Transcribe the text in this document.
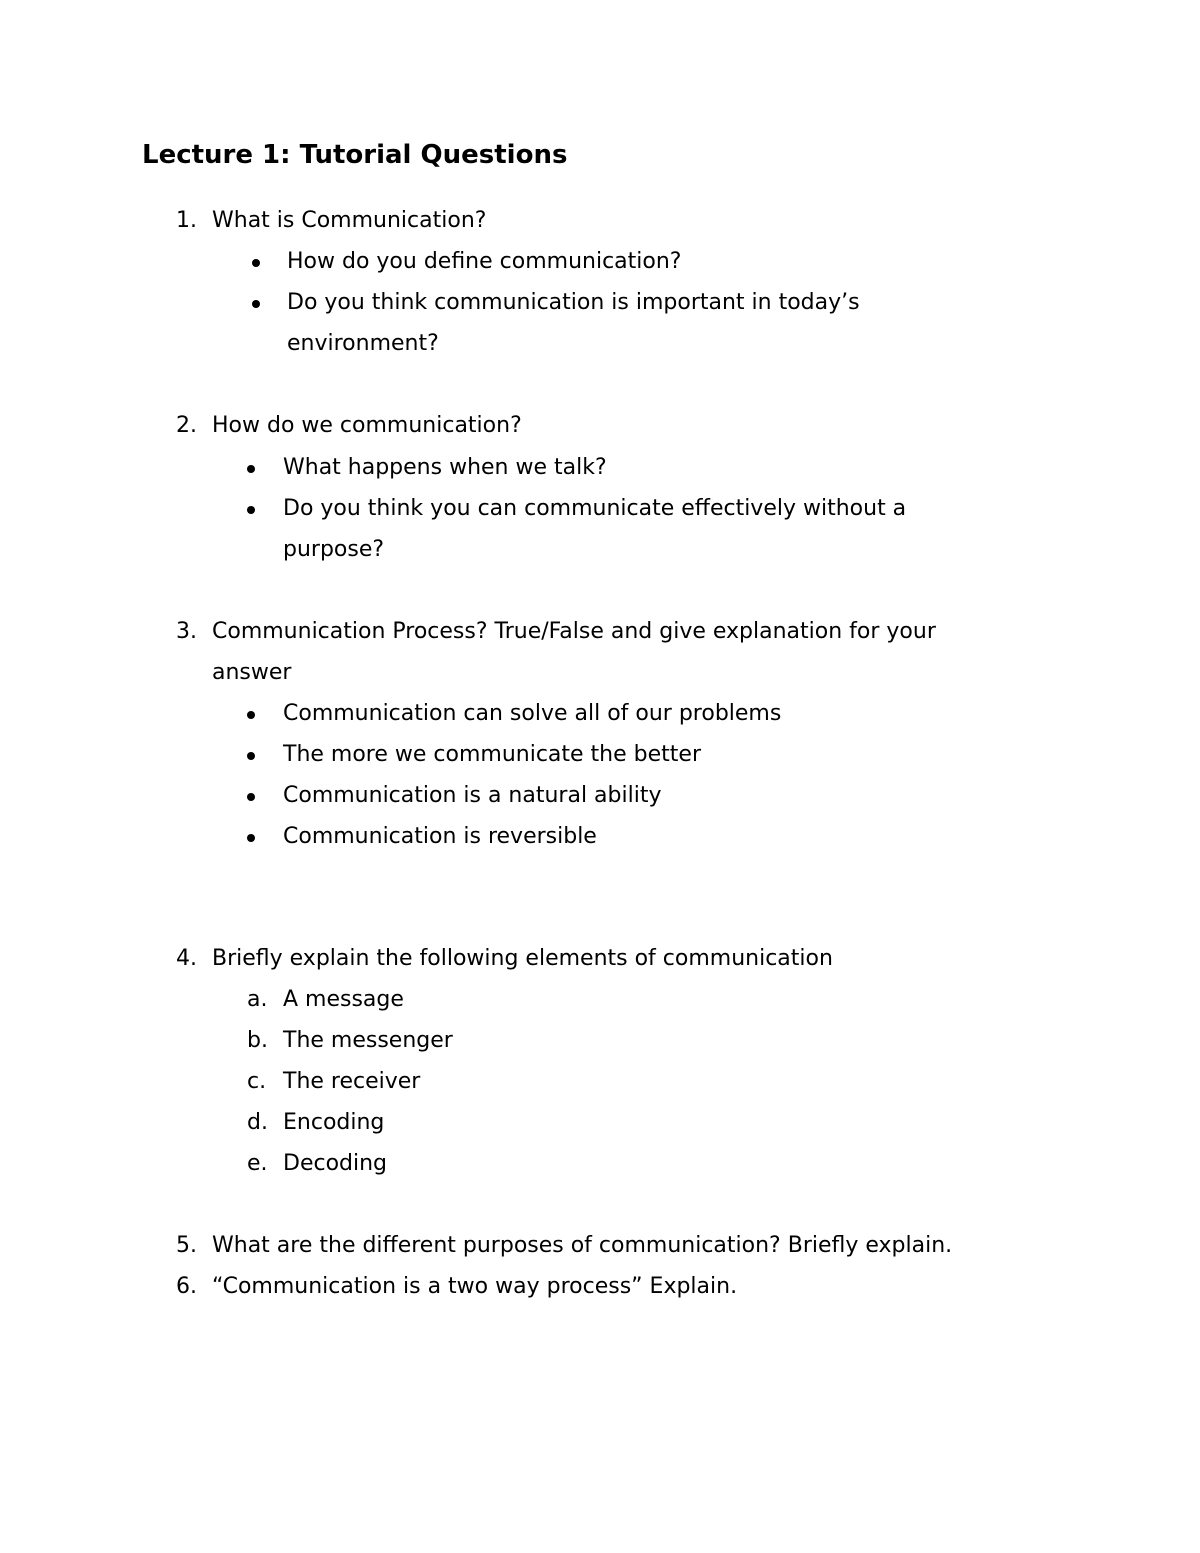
Lecture 1: Tutorial Questions
1. What is Communication?
How do you define communication?
Do you think communication is important in today’s
environment?
2. How do we communication?
What happens when we talk?
Do you think you can communicate effectively without a
purpose?
3. Communication Process? True/False and give explanation for your
answer
Communication can solve all of our problems
The more we communicate the better
Communication is a natural ability
Communication is reversible
4. Briefly explain the following elements of communication
a. A message
b. The messenger
c. The receiver
d. Encoding
e. Decoding
5. What are the different purposes of communication? Briefly explain.
6. “Communication is a two way process” Explain.
